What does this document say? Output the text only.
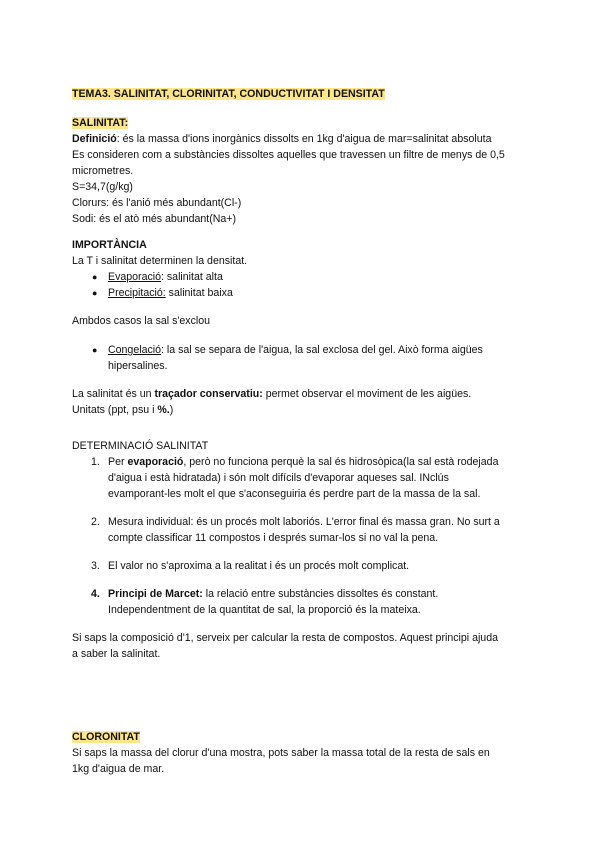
TEMA3. SALINITAT, CLORINITAT, CONDUCTIVITAT I DENSITAT
SALINITAT:
Definició: és la massa d'ions inorgànics dissolts en 1kg d'aigua de mar=salinitat absoluta
Es consideren com a substàncies dissoltes aquelles que travessen un filtre de menys de 0,5
micrometres.
S=34,7(g/kg)
Clorurs: és l'anió més abundant(Cl-)
Sodi: és el atò més abundant(Na+)
IMPORTÀNCIA
La T i salinitat determinen la densitat.
● Evaporació: salinitat alta
● Precipitació: salinitat baixa
Ambdos casos la sal s'exclou
● Congelació: la sal se separa de l'aigua, la sal exclosa del gel. Això forma aigües
hipersalines.
La salinitat és un traçador conservatiu: permet observar el moviment de les aigües.
Unitats (ppt, psu i %.)
DETERMINACIÓ SALINITAT
1. Per evaporació, però no funciona perquè la sal és hidrosòpica(la sal està rodejada
d'aigua i està hidratada) i són molt difícils d'evaporar aqueses sal. INclús
evamporant-les molt el que s'aconseguiria és perdre part de la massa de la sal.
2. Mesura individual: és un procés molt laboriós. L'error final és massa gran. No surt a
compte classificar 11 compostos i després sumar-los si no val la pena.
3. El valor no s'aproxima a la realitat i és un procés molt complicat.
4. Principi de Marcet: la relació entre substàncies dissoltes és constant.
Independentment de la quantitat de sal, la proporció és la mateixa.
Si saps la composició d'1, serveix per calcular la resta de compostos. Aquest principi ajuda
a saber la salinitat.
CLORONITAT
Si saps la massa del clorur d'una mostra, pots saber la massa total de la resta de sals en
1kg d'aigua de mar.
